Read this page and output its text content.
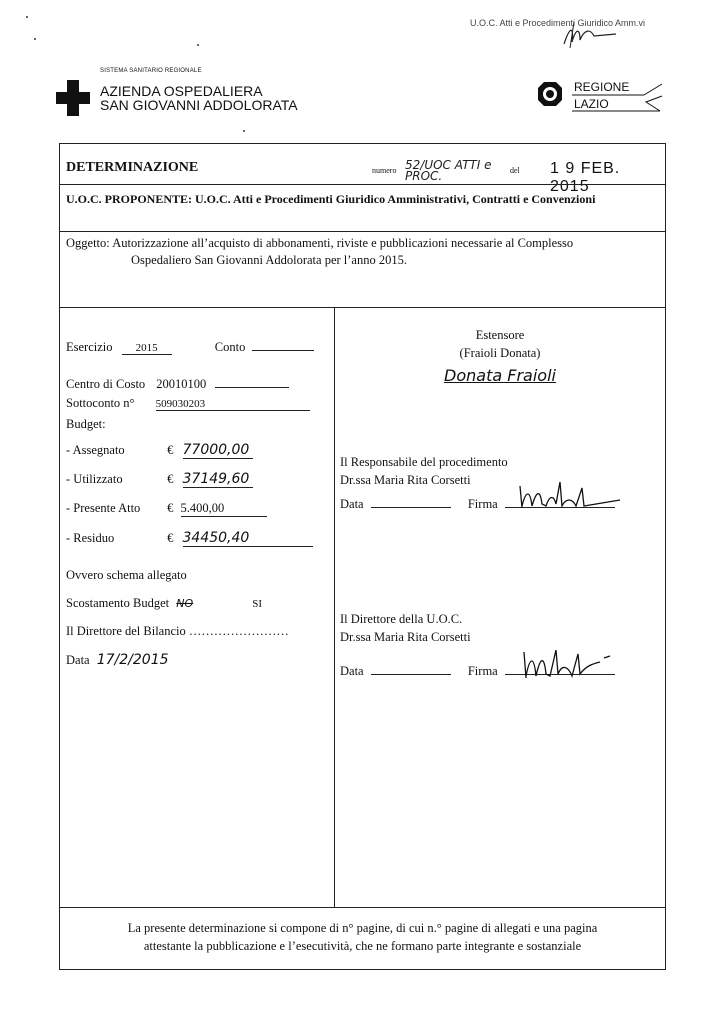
U.O.C. Atti e Procedimenti Giuridico Amm.vi
SISTEMA SANITARIO REGIONALE
AZIENDA OSPEDALIERA
SAN GIOVANNI ADDOLORATA
REGIONE
LAZIO
DETERMINAZIONE	numero 52/UOC ATTI e PROC.	del 1 9 FEB. 2015
U.O.C. PROPONENTE: U.O.C. Atti e Procedimenti Giuridico Amministrativi, Contratti e Convenzioni
Oggetto: Autorizzazione all’acquisto di abbonamenti, riviste e pubblicazioni necessarie al Complesso
Ospedaliero San Giovanni Addolorata per l’anno 2015.
Esercizio 2015	Conto
Centro di Costo 20010100
Sottoconto n° 509030203
Budget:
- Assegnato	€ 77000,00
- Utilizzato	€ 37149,60
- Presente Atto € 5.400,00
- Residuo	€ 34450,40
Ovvero schema allegato
Scostamento Budget NO	SI
Il Direttore del Bilancio ……………………
Data 17/2/2015
Estensore
(Fraioli Donata)
Donata Fraioli
Il Responsabile del procedimento
Dr.ssa Maria Rita Corsetti
Data	Firma
Il Direttore della U.O.C.
Dr.ssa Maria Rita Corsetti
Data	Firma
La presente determinazione si compone di n° pagine, di cui n.° pagine di allegati e una pagina
attestante la pubblicazione e l’esecutività, che ne formano parte integrante e sostanziale
